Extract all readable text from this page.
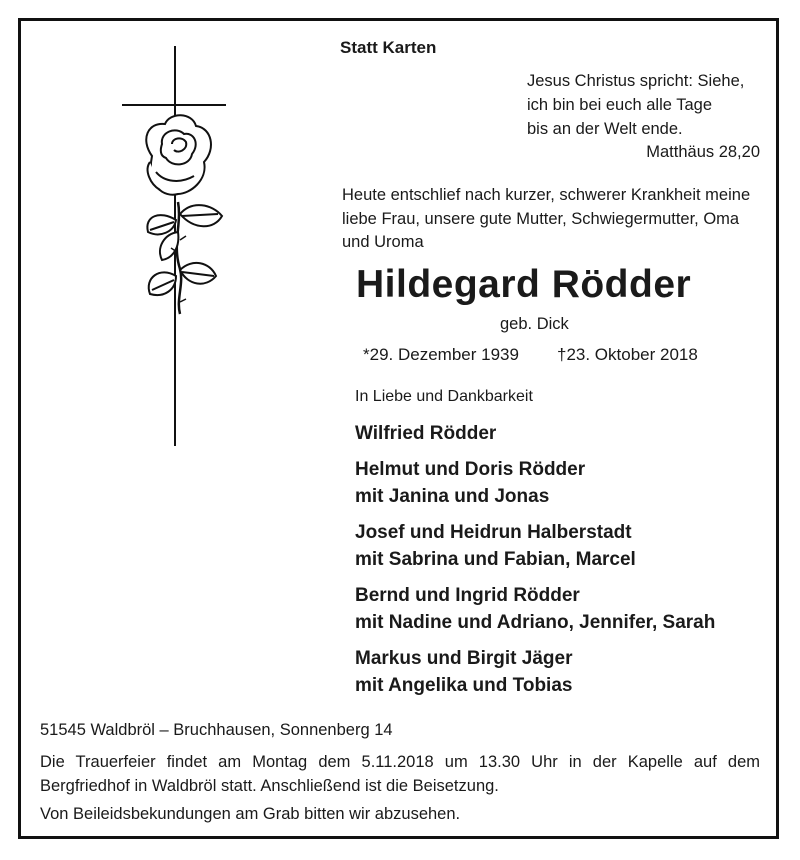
Statt Karten
Jesus Christus spricht: Siehe,
ich bin bei euch alle Tage
bis an der Welt ende.
Matthäus 28,20
Heute entschlief nach kurzer, schwerer Krankheit meine
liebe Frau, unsere gute Mutter, Schwiegermutter, Oma
und Uroma
Hildegard Rödder
geb. Dick
*29. Dezember 1939 †23. Oktober 2018
In Liebe und Dankbarkeit
Wilfried Rödder
Helmut und Doris Rödder
mit Janina und Jonas
Josef und Heidrun Halberstadt
mit Sabrina und Fabian, Marcel
Bernd und Ingrid Rödder
mit Nadine und Adriano, Jennifer, Sarah
Markus und Birgit Jäger
mit Angelika und Tobias
51545 Waldbröl – Bruchhausen, Sonnenberg 14
Die Trauerfeier findet am Montag dem 5.11.2018 um 13.30 Uhr in der Kapelle auf dem Bergfriedhof in Waldbröl statt. Anschließend ist die Beisetzung.
Von Beileidsbekundungen am Grab bitten wir abzusehen.
